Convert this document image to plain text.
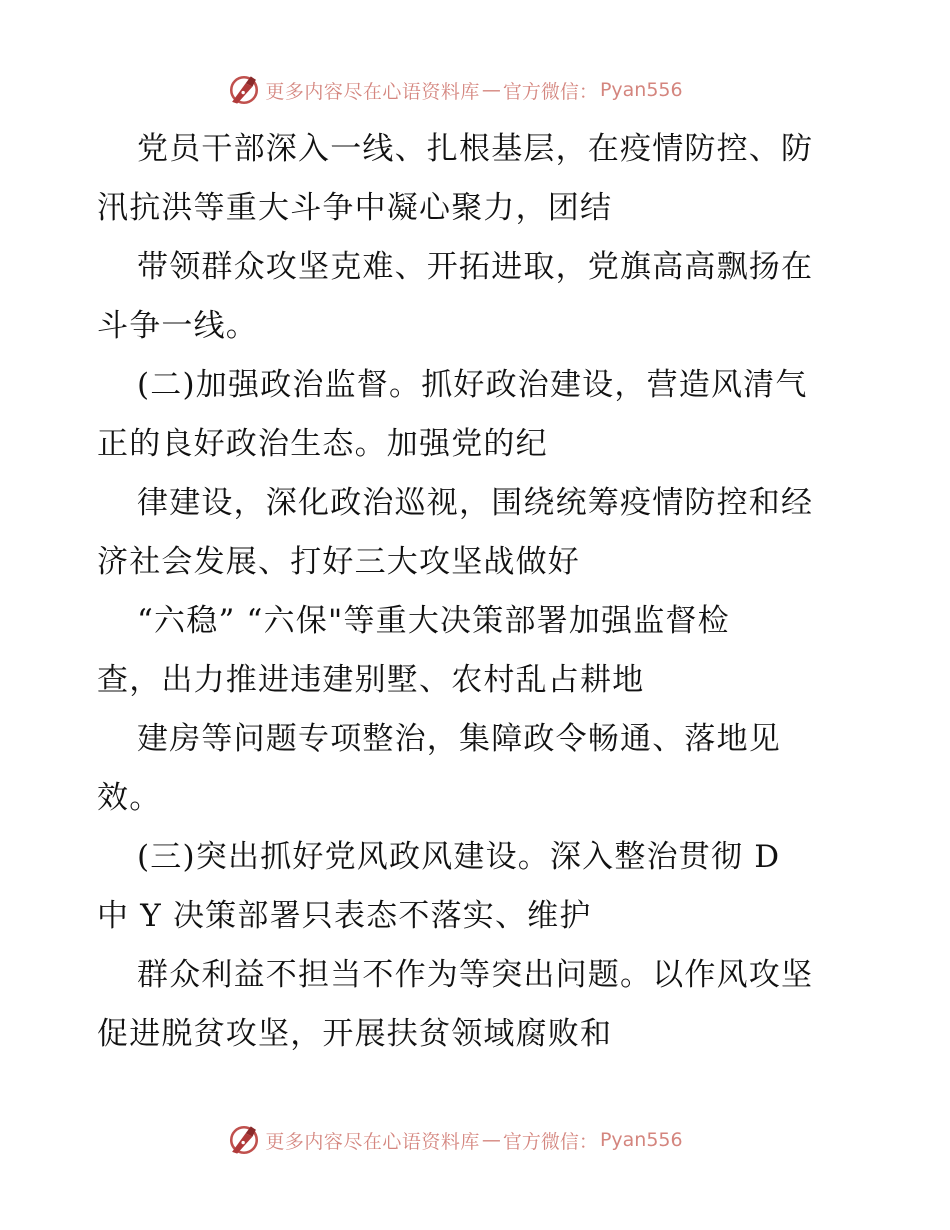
更多内容尽在心语资料库 — 官方微信： Pyan556
党员干部深入一线、扎根基层，在疫情防控、防
汛抗洪等重大斗争中凝心聚力，团结
带领群众攻坚克难、开拓进取，党旗高高飘扬在
斗争一线。
(二)加强政治监督。抓好政治建设，营造风清气
正的良好政治生态。加强党的纪
律建设，深化政治巡视，围绕统筹疫情防控和经
济社会发展、打好三大攻坚战做好
“六稳” “六保"等重大决策部署加强监督检
查，出力推进违建别墅、农村乱占耕地
建房等问题专项整治，集障政令畅通、落地见
效。
(三)突出抓好党风政风建设。深入整治贯彻 D
中 Y 决策部署只表态不落实、维护
群众利益不担当不作为等突出问题。以作风攻坚
促进脱贫攻坚，开展扶贫领域腐败和
更多内容尽在心语资料库 — 官方微信： Pyan556
